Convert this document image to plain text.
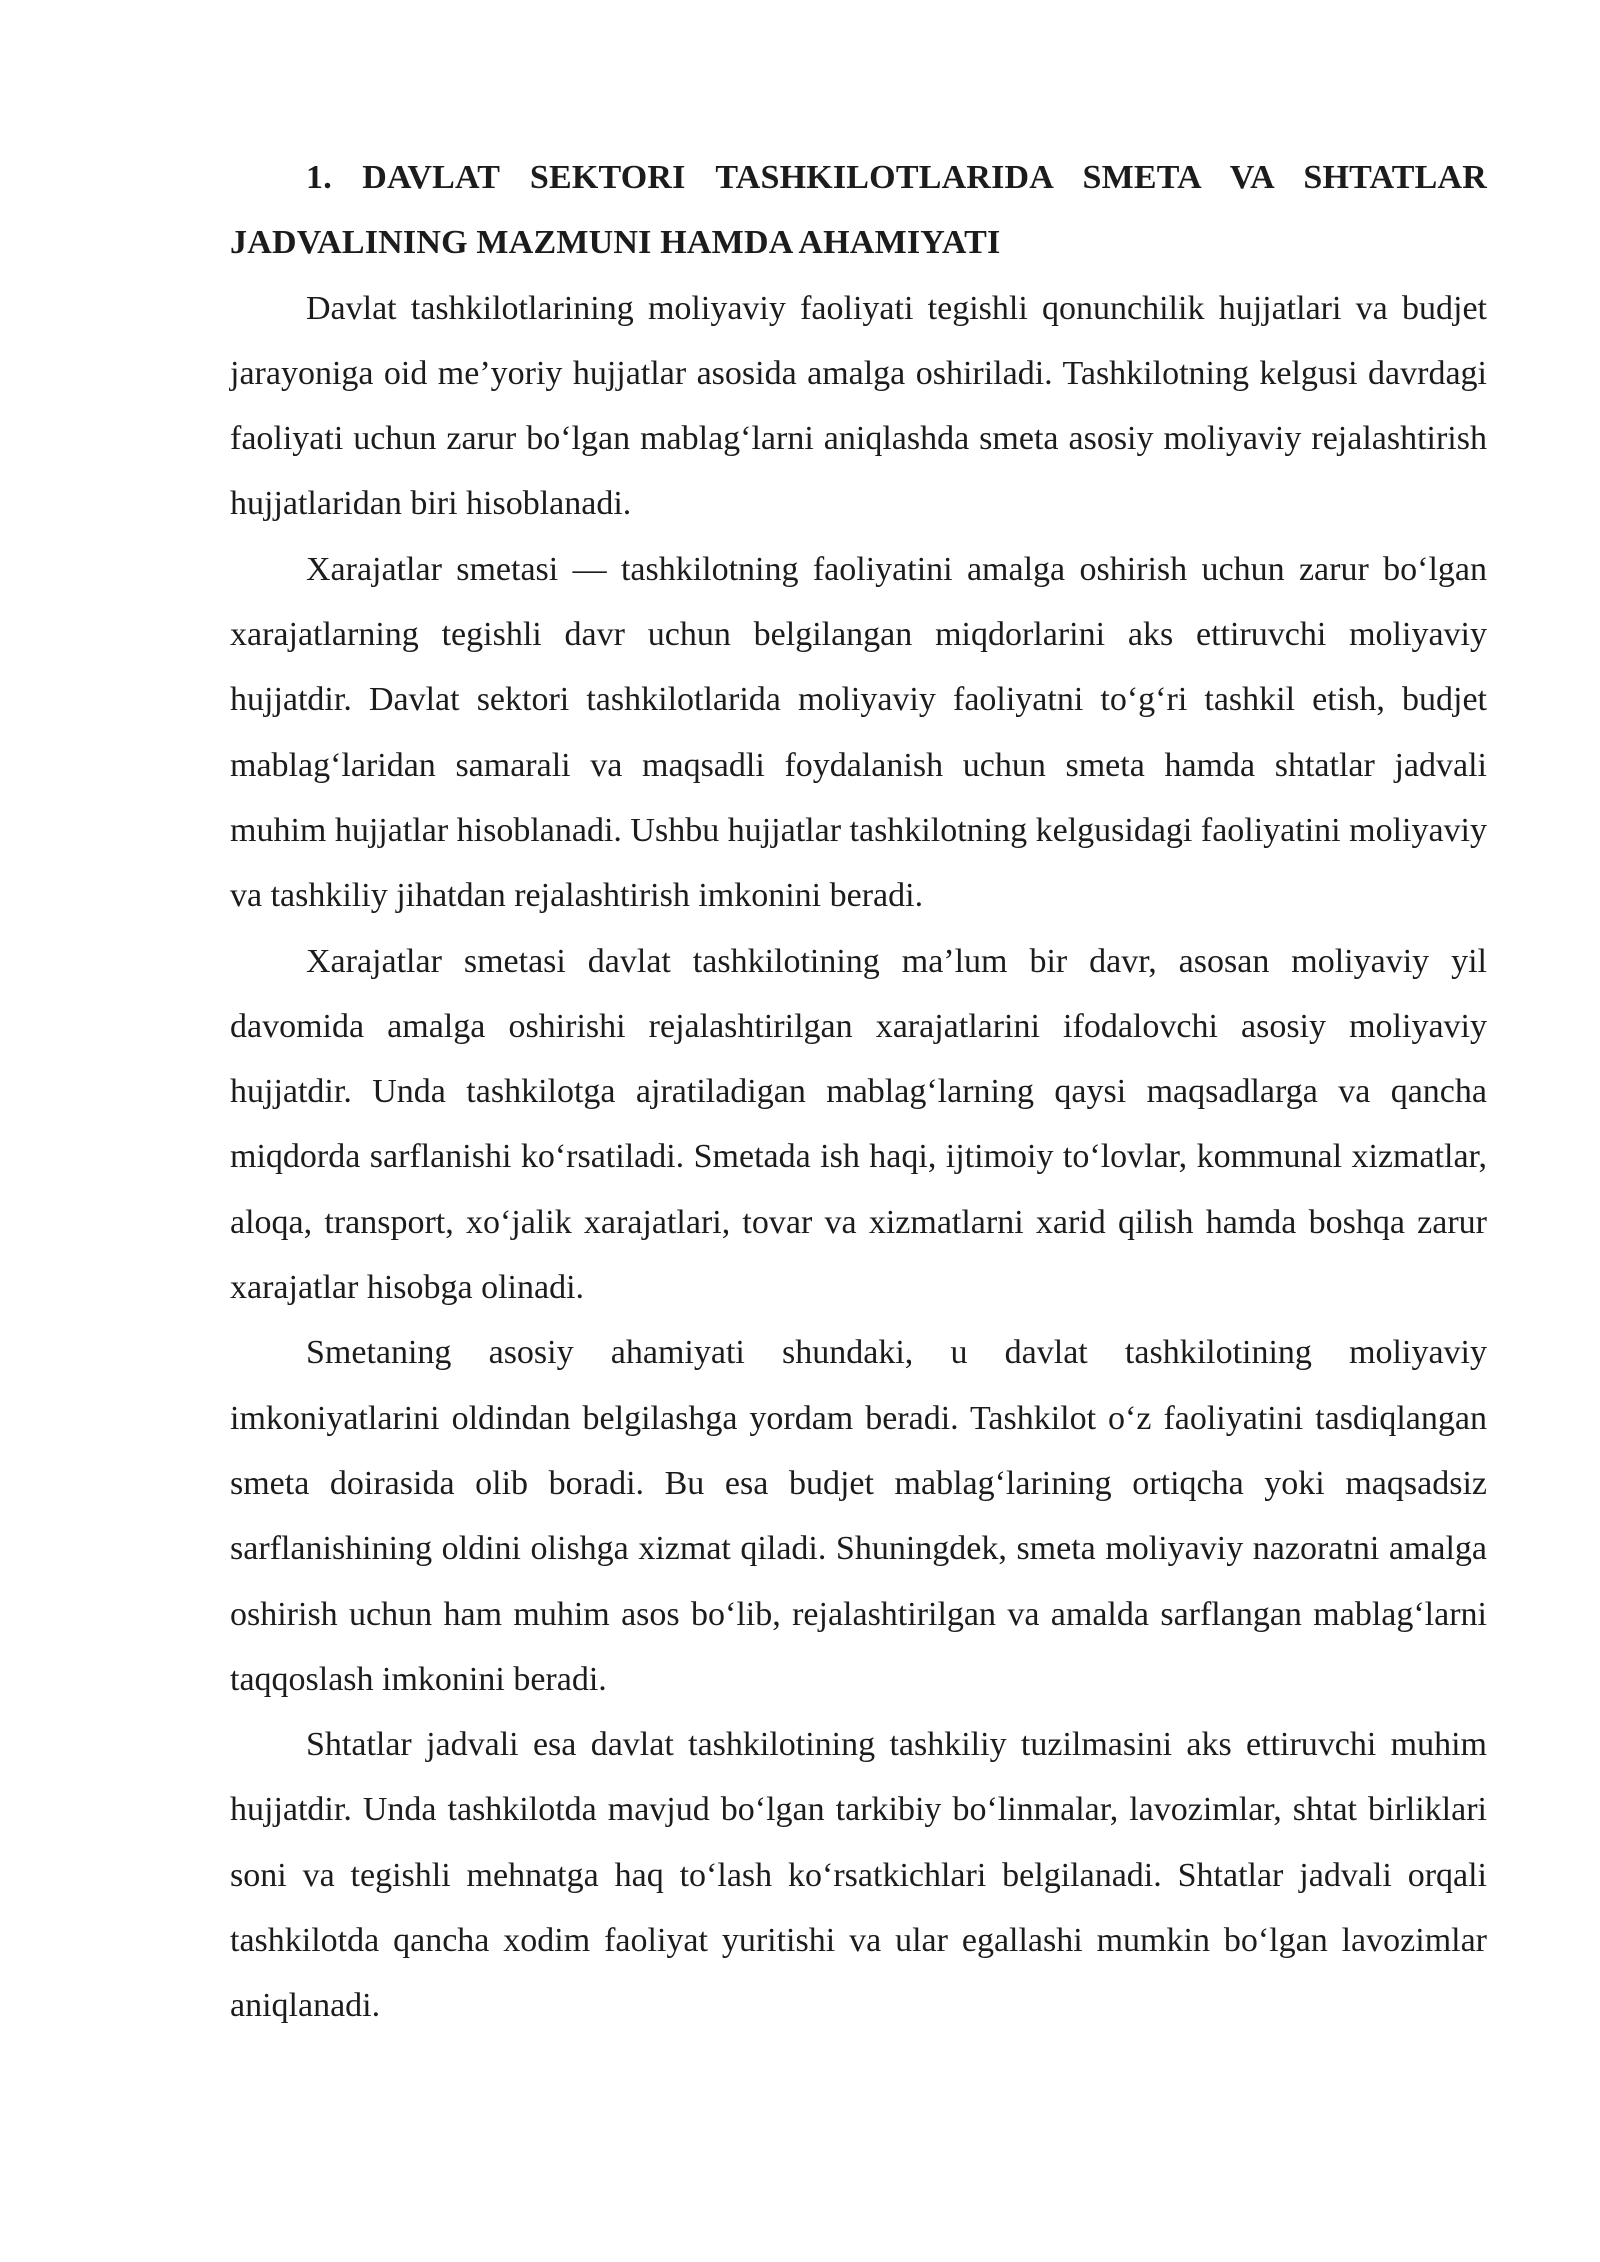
1. DAVLAT SEKTORI TASHKILOTLARIDA SMETA VA SHTATLAR JADVALINING MAZMUNI HAMDA AHAMIYATI

Davlat tashkilotlarining moliyaviy faoliyati tegishli qonunchilik hujjatlari va budjet jarayoniga oid me’yoriy hujjatlar asosida amalga oshiriladi. Tashkilotning kelgusi davrdagi faoliyati uchun zarur bo‘lgan mablag‘larni aniqlashda smeta asosiy moliyaviy rejalashtirish hujjatlaridan biri hisoblanadi.

Xarajatlar smetasi — tashkilotning faoliyatini amalga oshirish uchun zarur bo‘lgan xarajatlarning tegishli davr uchun belgilangan miqdorlarini aks ettiruvchi moliyaviy hujjatdir. Davlat sektori tashkilotlarida moliyaviy faoliyatni to‘g‘ri tashkil etish, budjet mablag‘laridan samarali va maqsadli foydalanish uchun smeta hamda shtatlar jadvali muhim hujjatlar hisoblanadi. Ushbu hujjatlar tashkilotning kelgusidagi faoliyatini moliyaviy va tashkiliy jihatdan rejalashtirish imkonini beradi.

Xarajatlar smetasi davlat tashkilotining ma’lum bir davr, asosan moliyaviy yil davomida amalga oshirishi rejalashtirilgan xarajatlarini ifodalovchi asosiy moliyaviy hujjatdir. Unda tashkilotga ajratiladigan mablag‘larning qaysi maqsadlarga va qancha miqdorda sarflanishi ko‘rsatiladi. Smetada ish haqi, ijtimoiy to‘lovlar, kommunal xizmatlar, aloqa, transport, xo‘jalik xarajatlari, tovar va xizmatlarni xarid qilish hamda boshqa zarur xarajatlar hisobga olinadi.

Smetaning asosiy ahamiyati shundaki, u davlat tashkilotining moliyaviy imkoniyatlarini oldindan belgilashga yordam beradi. Tashkilot o‘z faoliyatini tasdiqlangan smeta doirasida olib boradi. Bu esa budjet mablag‘larining ortiqcha yoki maqsadsiz sarflanishining oldini olishga xizmat qiladi. Shuningdek, smeta moliyaviy nazoratni amalga oshirish uchun ham muhim asos bo‘lib, rejalashtirilgan va amalda sarflangan mablag‘larni taqqoslash imkonini beradi.

Shtatlar jadvali esa davlat tashkilotining tashkiliy tuzilmasini aks ettiruvchi muhim hujjatdir. Unda tashkilotda mavjud bo‘lgan tarkibiy bo‘linmalar, lavozimlar, shtat birliklari soni va tegishli mehnatga haq to‘lash ko‘rsatkichlari belgilanadi. Shtatlar jadvali orqali tashkilotda qancha xodim faoliyat yuritishi va ular egallashi mumkin bo‘lgan lavozimlar aniqlanadi.
